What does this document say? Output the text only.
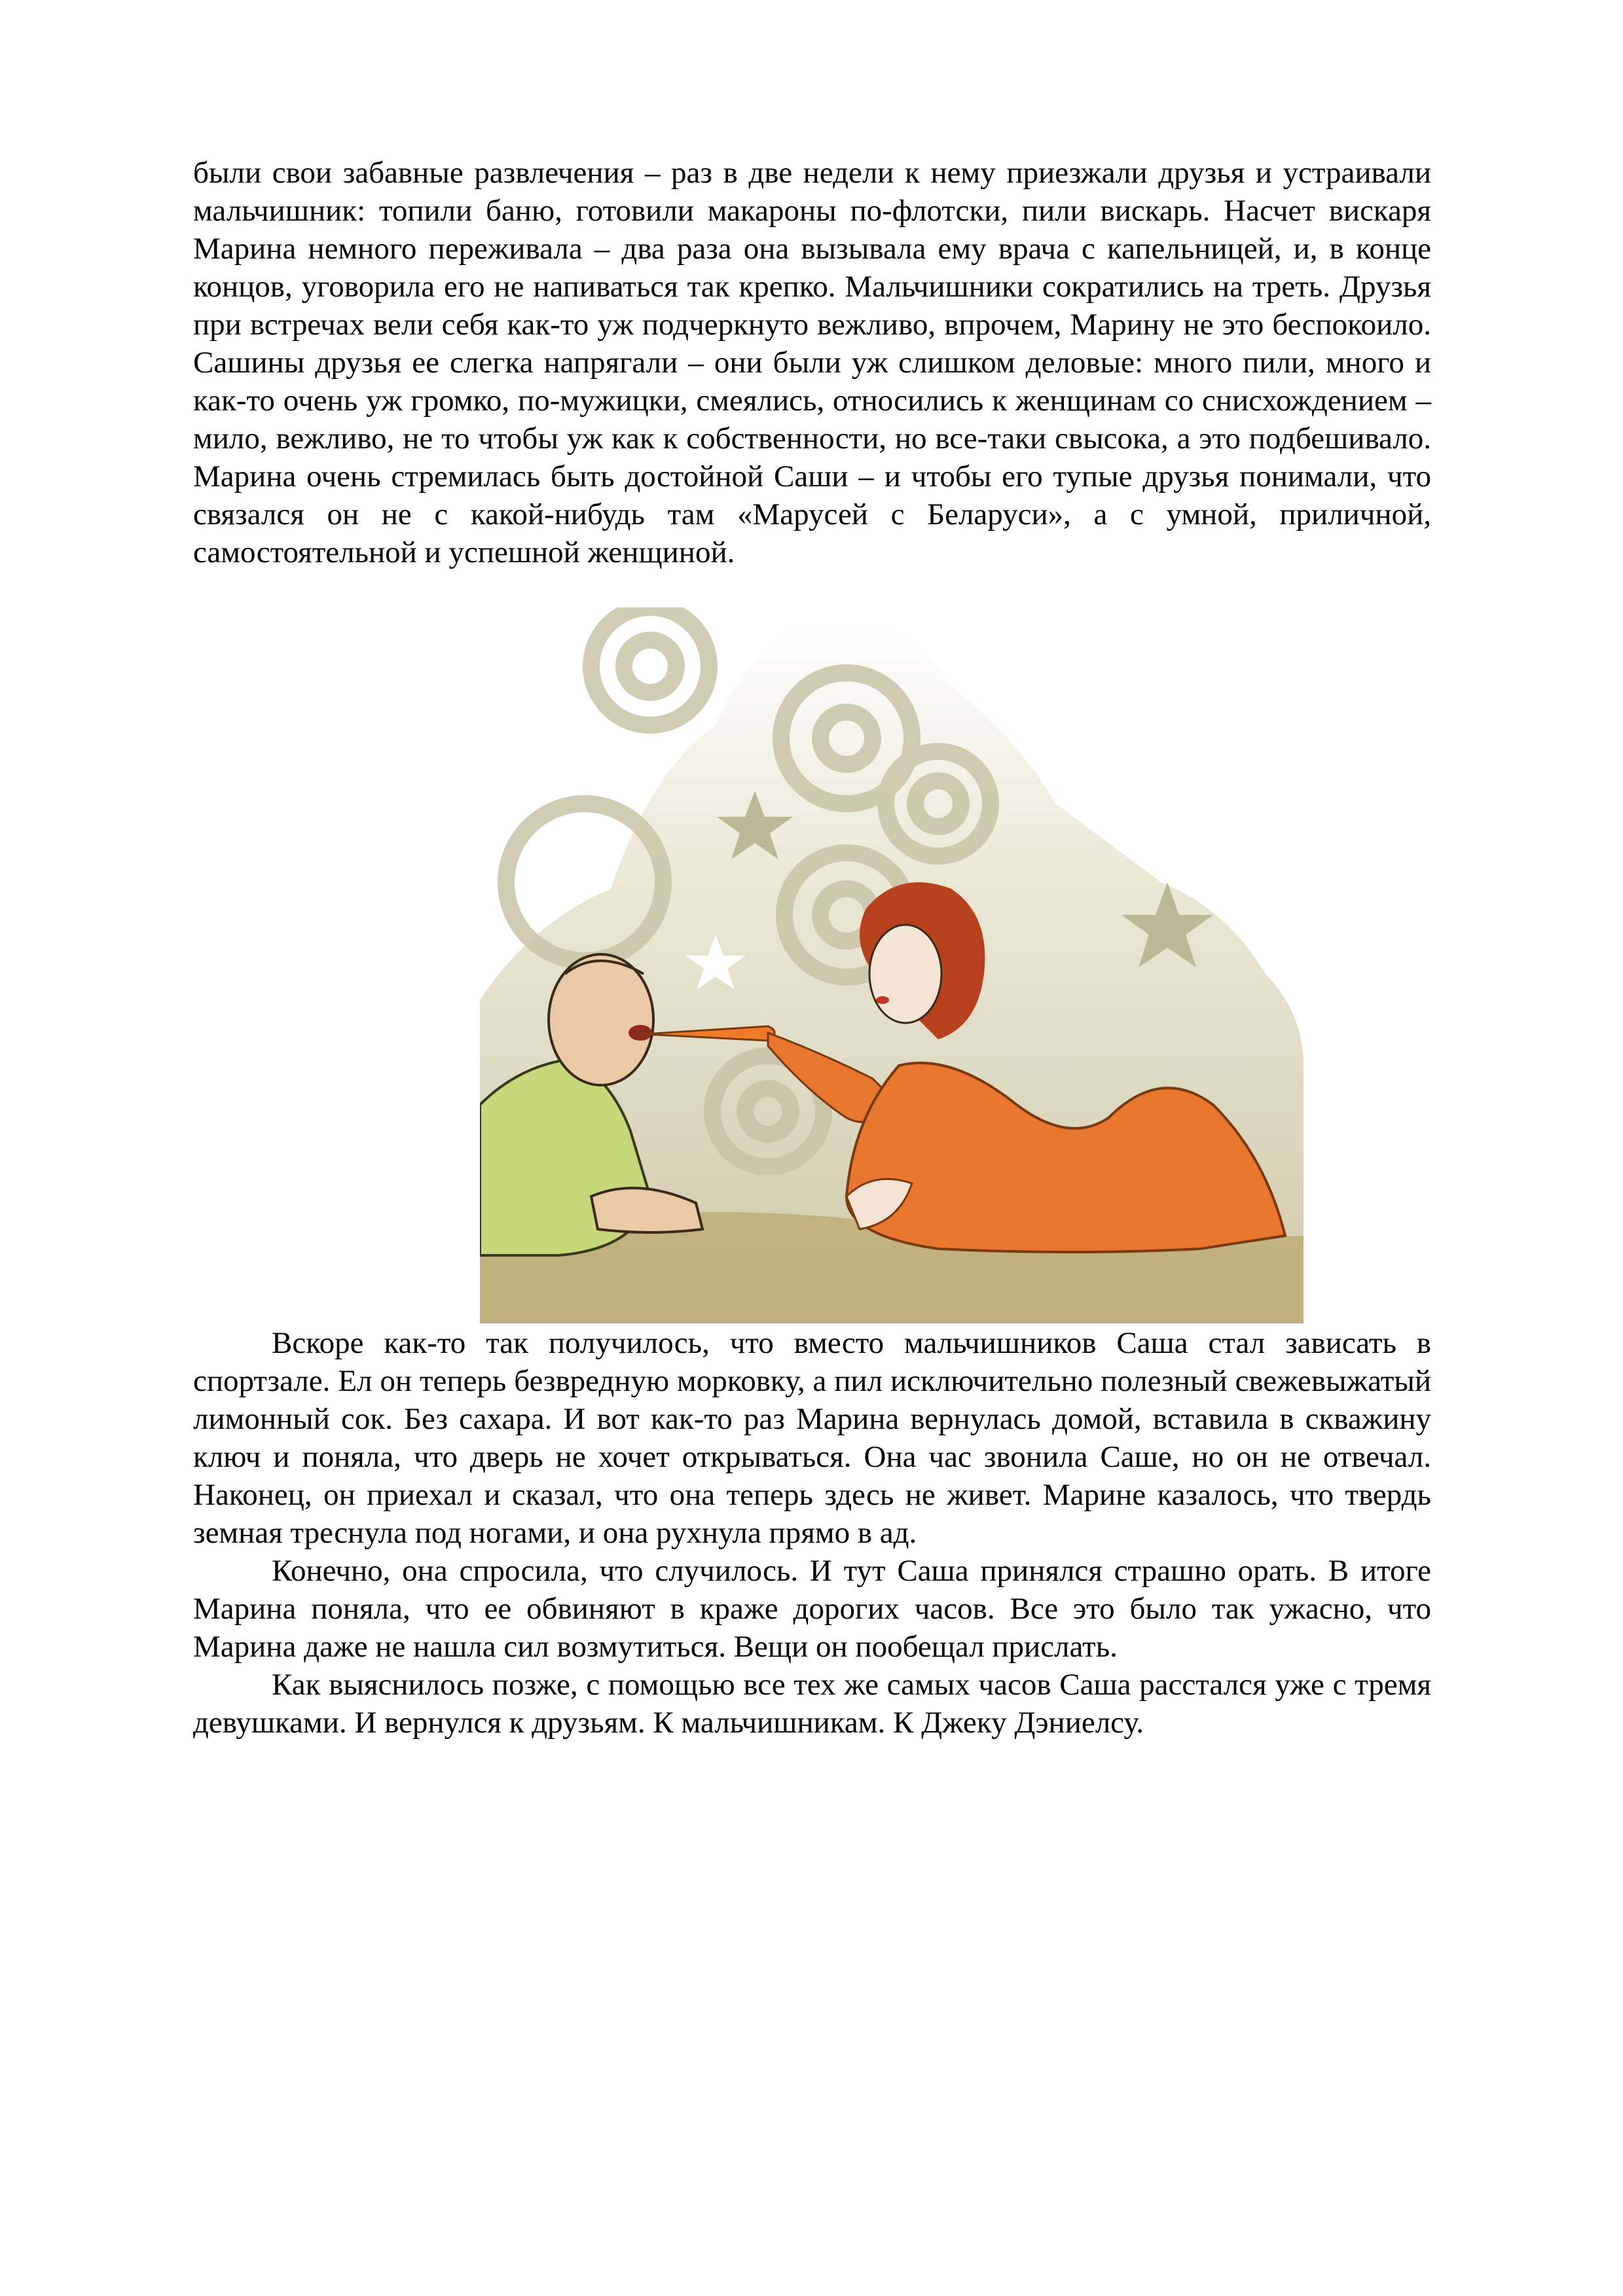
были свои забавные развлечения – раз в две недели к нему приезжали друзья и устраивали мальчишник: топили баню, готовили макароны по-флотски, пили вискарь. Насчет вискаря Марина немного переживала – два раза она вызывала ему врача с капельницей, и, в конце концов, уговорила его не напиваться так крепко. Мальчишники сократились на треть. Друзья при встречах вели себя как-то уж подчеркнуто вежливо, впрочем, Марину не это беспокоило. Сашины друзья ее слегка напрягали – они были уж слишком деловые: много пили, много и как-то очень уж громко, по-мужицки, смеялись, относились к женщинам со снисхождением – мило, вежливо, не то чтобы уж как к собственности, но все-таки свысока, а это подбешивало. Марина очень стремилась быть достойной Саши – и чтобы его тупые друзья понимали, что связался он не с какой-нибудь там «Марусей с Беларуси», а с умной, приличной, самостоятельной и успешной женщиной.

Вскоре как-то так получилось, что вместо мальчишников Саша стал зависать в спортзале. Ел он теперь безвредную морковку, а пил исключительно полезный свежевыжатый лимонный сок. Без сахара. И вот как-то раз Марина вернулась домой, вставила в скважину ключ и поняла, что дверь не хочет открываться. Она час звонила Саше, но он не отвечал. Наконец, он приехал и сказал, что она теперь здесь не живет. Марине казалось, что твердь земная треснула под ногами, и она рухнула прямо в ад.

Конечно, она спросила, что случилось. И тут Саша принялся страшно орать. В итоге Марина поняла, что ее обвиняют в краже дорогих часов. Все это было так ужасно, что Марина даже не нашла сил возмутиться. Вещи он пообещал прислать.

Как выяснилось позже, с помощью все тех же самых часов Саша расстался уже с тремя девушками. И вернулся к друзьям. К мальчишникам. К Джеку Дэниелсу.
